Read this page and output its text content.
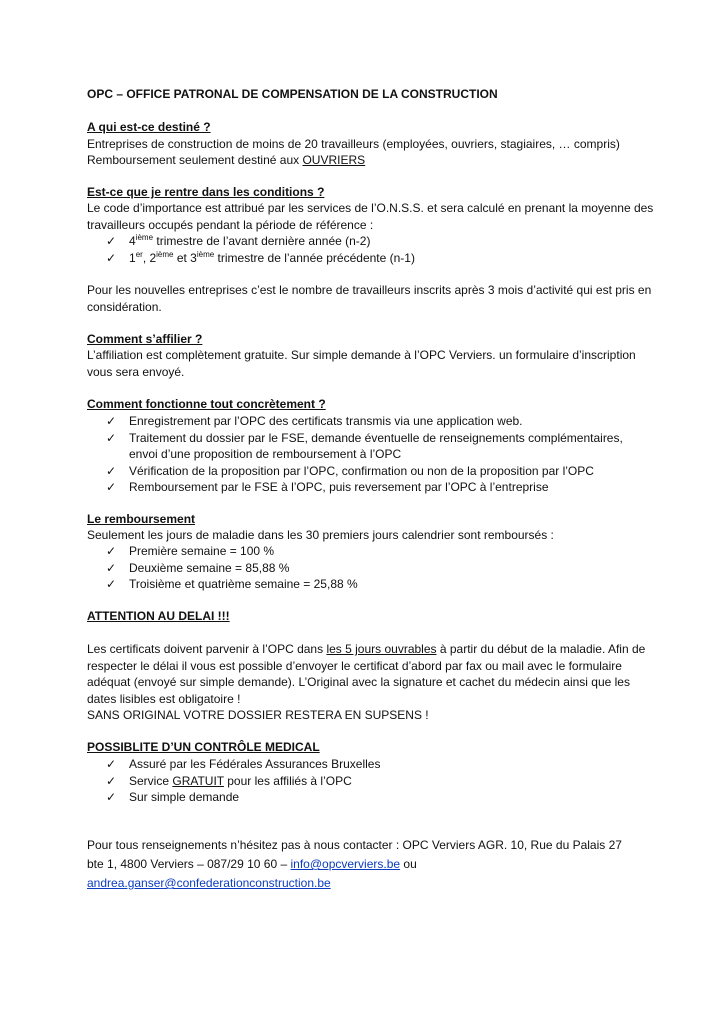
OPC – OFFICE PATRONAL DE COMPENSATION DE LA CONSTRUCTION

A qui est-ce destiné ?

Entreprises de construction de moins de 20 travailleurs (employées, ouvriers, stagiaires, … compris)

Remboursement seulement destiné aux OUVRIERS

Est-ce que je rentre dans les conditions ?

Le code d’importance est attribué par les services de l’O.N.S.S. et sera calculé en prenant la moyenne des travailleurs occupés pendant la période de référence :

✓ 4ième trimestre de l’avant dernière année (n-2)
✓ 1er, 2ième et 3ième trimestre de l’année précédente (n-1)

Pour les nouvelles entreprises c’est le nombre de travailleurs inscrits après 3 mois d’activité qui est pris en considération.

Comment s’affilier ?

L’affiliation est complètement gratuite. Sur simple demande à l’OPC Verviers. un formulaire d’inscription vous sera envoyé.

Comment fonctionne tout concrètement ?

✓ Enregistrement par l’OPC des certificats transmis via une application web.
✓ Traitement du dossier par le FSE, demande éventuelle de renseignements complémentaires, envoi d’une proposition de remboursement à l’OPC
✓ Vérification de la proposition par l’OPC, confirmation ou non de la proposition par l’OPC
✓ Remboursement par le FSE à l’OPC, puis reversement par l’OPC à l’entreprise

Le remboursement

Seulement les jours de maladie dans les 30 premiers jours calendrier sont remboursés :

✓ Première semaine = 100 %
✓ Deuxième semaine = 85,88 %
✓ Troisième et quatrième semaine = 25,88 %

ATTENTION AU DELAI !!!

Les certificats doivent parvenir à l’OPC dans les 5 jours ouvrables à partir du début de la maladie. Afin de respecter le délai il vous est possible d’envoyer le certificat d’abord par fax ou mail avec le formulaire adéquat (envoyé sur simple demande). L’Original avec la signature et cachet du médecin ainsi que les dates lisibles est obligatoire !

SANS ORIGINAL VOTRE DOSSIER RESTERA EN SUPSENS !

POSSIBLITE D’UN CONTRÔLE MEDICAL

✓ Assuré par les Fédérales Assurances Bruxelles
✓ Service GRATUIT pour les affiliés à l’OPC
✓ Sur simple demande

Pour tous renseignements n’hésitez pas à nous contacter : OPC Verviers AGR. 10, Rue du Palais 27
bte 1, 4800 Verviers – 087/29 10 60 – info@opcverviers.be ou
andrea.ganser@confederationconstruction.be
